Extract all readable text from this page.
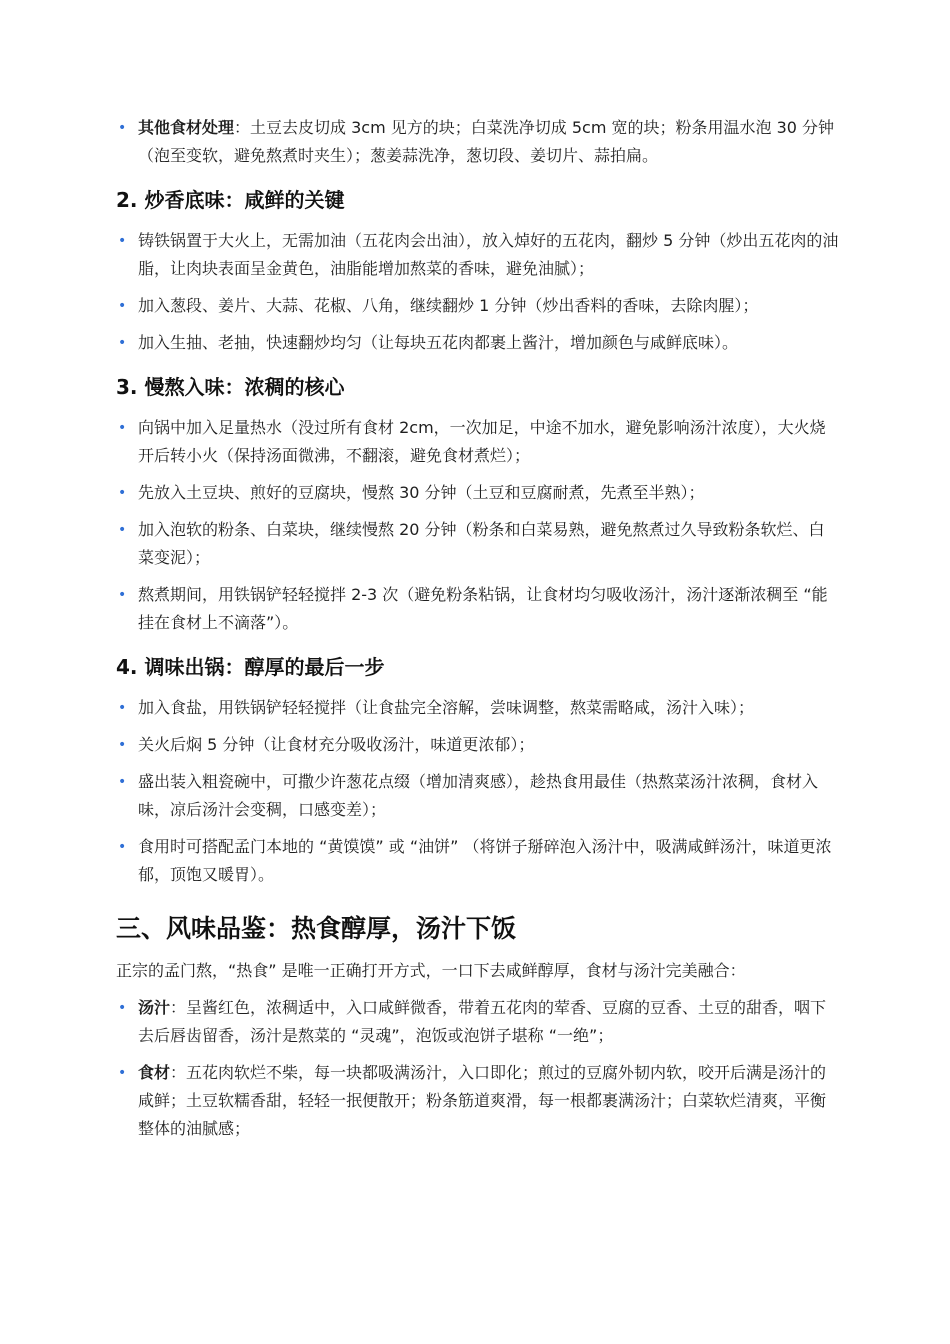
• 其他食材处理：土豆去皮切成 3cm 见方的块；白菜洗净切成 5cm 宽的块；粉条用温水泡 30 分钟（泡至变软，避免熬煮时夹生）；葱姜蒜洗净，葱切段、姜切片、蒜拍扁。
2. 炒香底味：咸鲜的关键
• 铸铁锅置于大火上，无需加油（五花肉会出油），放入焯好的五花肉，翻炒 5 分钟（炒出五花肉的油脂，让肉块表面呈金黄色，油脂能增加熬菜的香味，避免油腻）；
• 加入葱段、姜片、大蒜、花椒、八角，继续翻炒 1 分钟（炒出香料的香味，去除肉腥）；
• 加入生抽、老抽，快速翻炒均匀（让每块五花肉都裹上酱汁，增加颜色与咸鲜底味）。
3. 慢熬入味：浓稠的核心
• 向锅中加入足量热水（没过所有食材 2cm，一次加足，中途不加水，避免影响汤汁浓度），大火烧开后转小火（保持汤面微沸，不翻滚，避免食材煮烂）；
• 先放入土豆块、煎好的豆腐块，慢熬 30 分钟（土豆和豆腐耐煮，先煮至半熟）；
• 加入泡软的粉条、白菜块，继续慢熬 20 分钟（粉条和白菜易熟，避免熬煮过久导致粉条软烂、白菜变泥）；
• 熬煮期间，用铁锅铲轻轻搅拌 2-3 次（避免粉条粘锅，让食材均匀吸收汤汁，汤汁逐渐浓稠至 “能挂在食材上不滴落”）。
4. 调味出锅：醇厚的最后一步
• 加入食盐，用铁锅铲轻轻搅拌（让食盐完全溶解，尝味调整，熬菜需略咸，汤汁入味）；
• 关火后焖 5 分钟（让食材充分吸收汤汁，味道更浓郁）；
• 盛出装入粗瓷碗中，可撒少许葱花点缀（增加清爽感），趁热食用最佳（热熬菜汤汁浓稠，食材入味，凉后汤汁会变稠，口感变差）；
• 食用时可搭配孟门本地的 “黄馍馍” 或 “油饼” （将饼子掰碎泡入汤汁中，吸满咸鲜汤汁，味道更浓郁，顶饱又暖胃）。
三、风味品鉴：热食醇厚，汤汁下饭

正宗的孟门熬，“热食” 是唯一正确打开方式，一口下去咸鲜醇厚，食材与汤汁完美融合：

• 汤汁：呈酱红色，浓稠适中，入口咸鲜微香，带着五花肉的荤香、豆腐的豆香、土豆的甜香，咽下去后唇齿留香，汤汁是熬菜的 “灵魂”，泡饭或泡饼子堪称 “一绝”；
• 食材：五花肉软烂不柴，每一块都吸满汤汁，入口即化；煎过的豆腐外韧内软，咬开后满是汤汁的咸鲜；土豆软糯香甜，轻轻一抿便散开；粉条筋道爽滑，每一根都裹满汤汁；白菜软烂清爽，平衡整体的油腻感；
